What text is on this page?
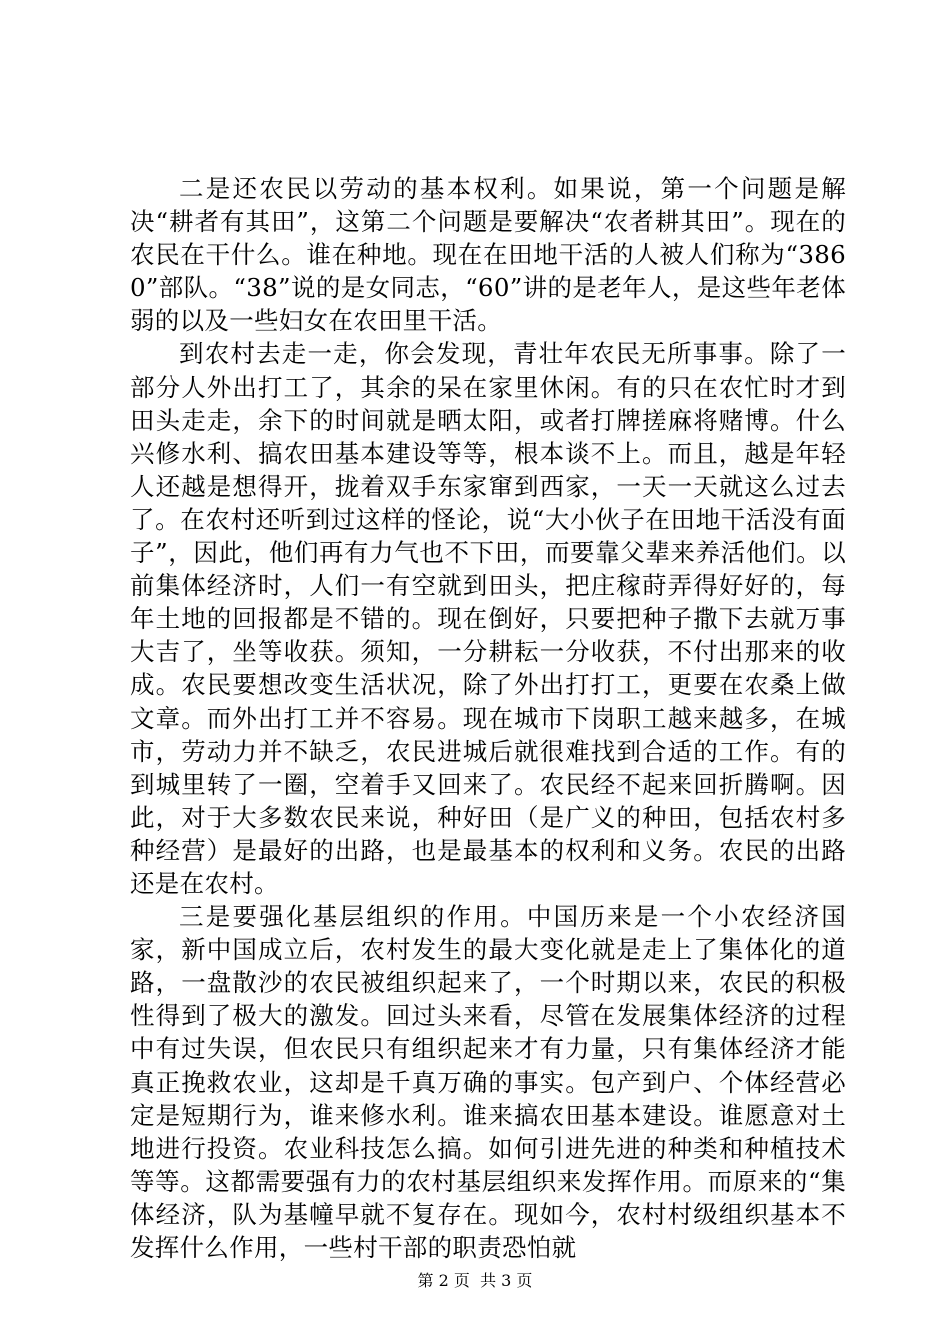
二是还农民以劳动的基本权利。如果说，第一个问题是解决“耕者有其田”，这第二个问题是要解决“农者耕其田”。现在的农民在干什么。谁在种地。现在在田地干活的人被人们称为“3860”部队。“38”说的是女同志，“60”讲的是老年人，是这些年老体弱的以及一些妇女在农田里干活。

到农村去走一走，你会发现，青壮年农民无所事事。除了一部分人外出打工了，其余的呆在家里休闲。有的只在农忙时才到田头走走，余下的时间就是晒太阳，或者打牌搓麻将赌博。什么兴修水利、搞农田基本建设等等，根本谈不上。而且，越是年轻人还越是想得开，拢着双手东家窜到西家，一天一天就这么过去了。在农村还听到过这样的怪论，说“大小伙子在田地干活没有面子”，因此，他们再有力气也不下田，而要靠父辈来养活他们。以前集体经济时，人们一有空就到田头，把庄稼莳弄得好好的，每年土地的回报都是不错的。现在倒好，只要把种子撒下去就万事大吉了，坐等收获。须知，一分耕耘一分收获，不付出那来的收成。农民要想改变生活状况，除了外出打打工，更要在农桑上做文章。而外出打工并不容易。现在城市下岗职工越来越多，在城市，劳动力并不缺乏，农民进城后就很难找到合适的工作。有的到城里转了一圈，空着手又回来了。农民经不起来回折腾啊。因此，对于大多数农民来说，种好田（是广义的种田，包括农村多种经营）是最好的出路，也是最基本的权利和义务。农民的出路还是在农村。

三是要强化基层组织的作用。中国历来是一个小农经济国家，新中国成立后，农村发生的最大变化就是走上了集体化的道路，一盘散沙的农民被组织起来了，一个时期以来，农民的积极性得到了极大的激发。回过头来看，尽管在发展集体经济的过程中有过失误，但农民只有组织起来才有力量，只有集体经济才能真正挽救农业，这却是千真万确的事实。包产到户、个体经营必定是短期行为，谁来修水利。谁来搞农田基本建设。谁愿意对土地进行投资。农业科技怎么搞。如何引进先进的种类和种植技术等等。这都需要强有力的农村基层组织来发挥作用。而原来的“集体经济，队为基幢早就不复存在。现如今，农村村级组织基本不发挥什么作用，一些村干部的职责恐怕就

第 2 页  共 3 页
